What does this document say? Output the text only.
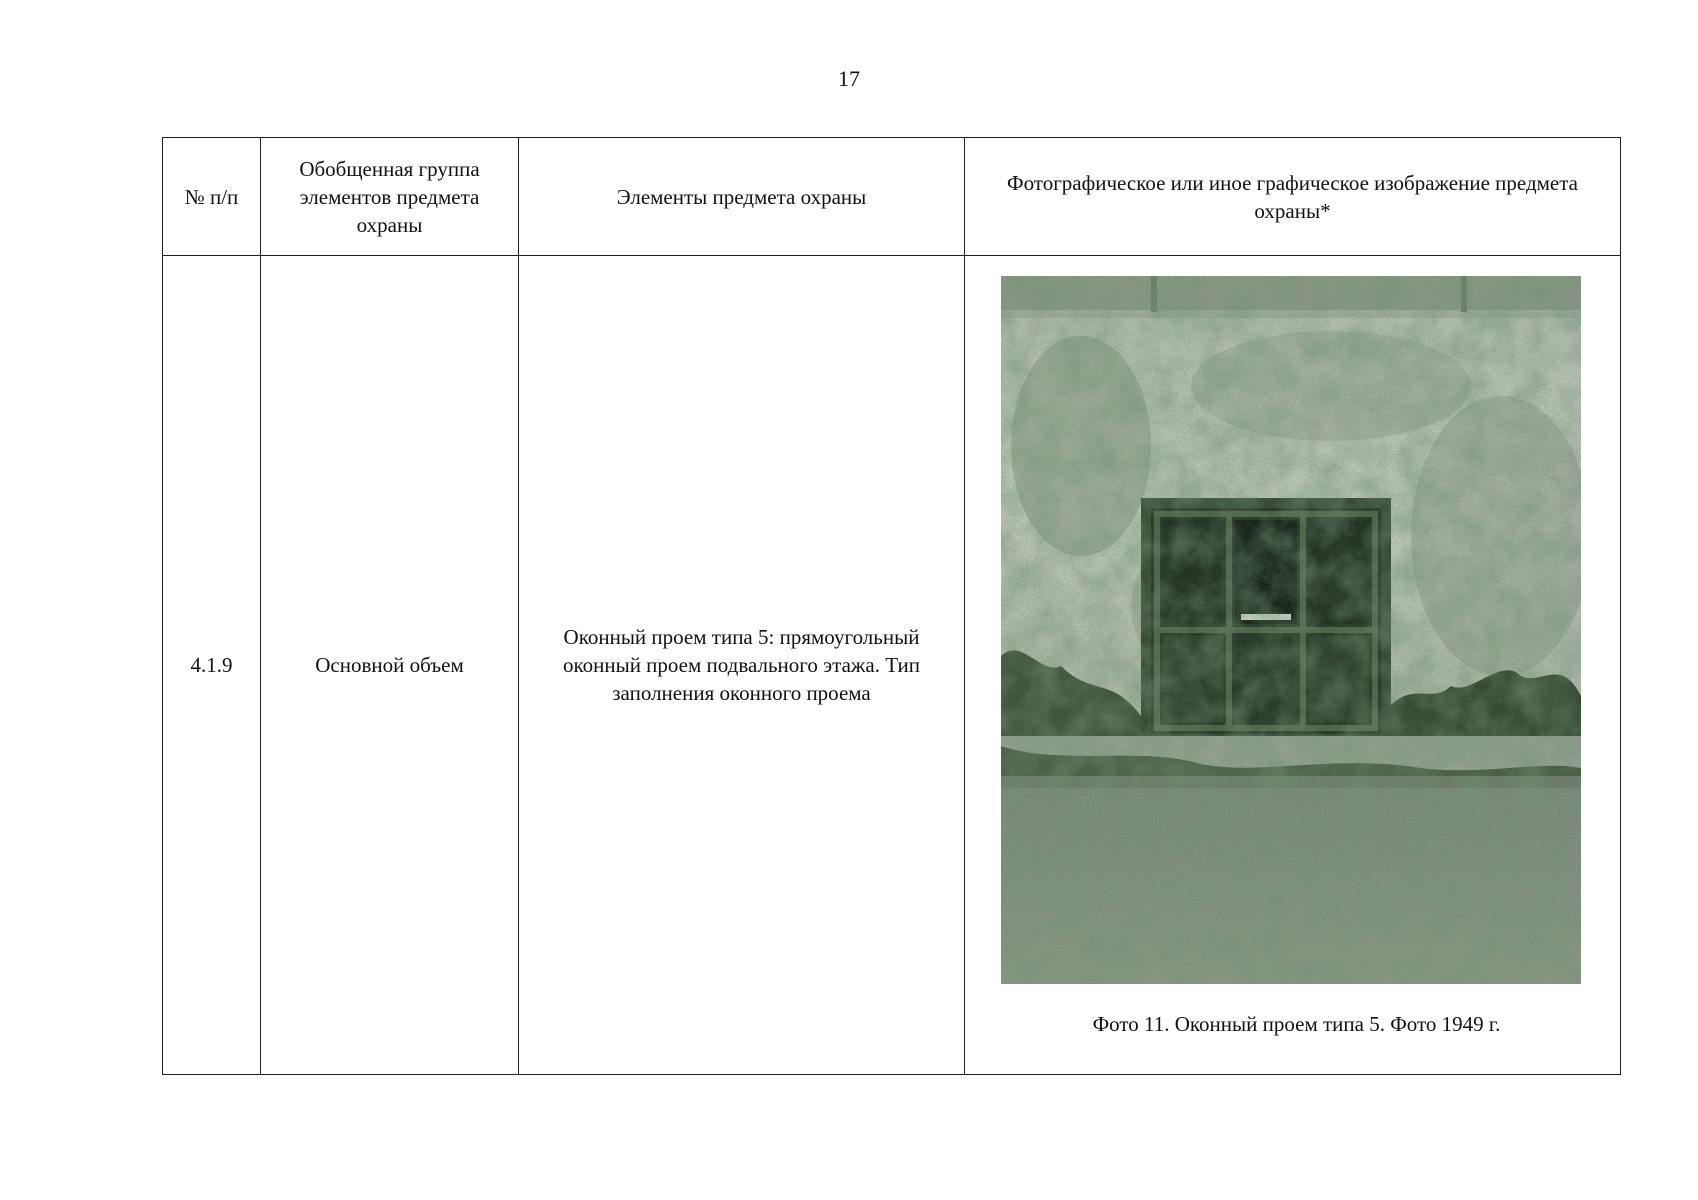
17
№ п/п	Обобщенная группа элементов предмета охраны	Элементы предмета охраны	Фотографическое или иное графическое изображение предмета охраны*
4.1.9	Основной объем	Оконный проем типа 5: прямоугольный оконный проем подвального этажа. Тип заполнения оконного проема	Фото 11. Оконный проем типа 5. Фото 1949 г.
